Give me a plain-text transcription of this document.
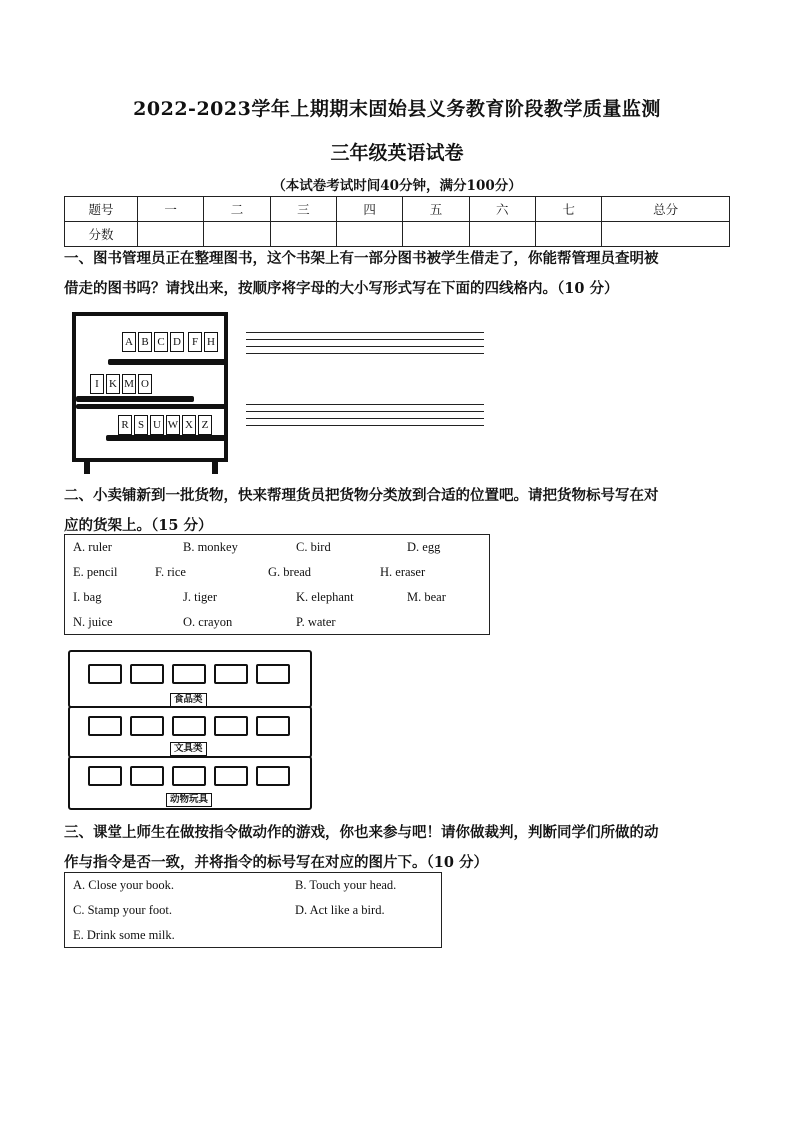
2022-2023学年上期期末固始县义务教育阶段教学质量监测
三年级英语试卷
（本试卷考试时间40分钟，满分100分）
题号	一	二	三	四	五	六	七	总分
分数								
一、图书管理员正在整理图书，这个书架上有一部分图书被学生借走了，你能帮管理员查明被
借走的图书吗？请找出来，按顺序将字母的大小写形式写在下面的四线格内。（10 分）
A B C D F H
I K M O
R S U W X Z
二、小卖铺新到一批货物，快来帮理货员把货物分类放到合适的位置吧。请把货物标号写在对
应的货架上。（15 分）
A. ruler	B. monkey	C. bird	D. egg
E. pencil	F. rice	G. bread	H. eraser
I. bag	J. tiger	K. elephant	M. bear
N. juice	O. crayon	P. water
食品类
文具类
动物玩具
三、课堂上师生在做按指令做动作的游戏，你也来参与吧！请你做裁判，判断同学们所做的动
作与指令是否一致，并将指令的标号写在对应的图片下。（10 分）
A. Close your book.	B. Touch your head.
C. Stamp your foot.	D. Act like a bird.
E. Drink some milk.
